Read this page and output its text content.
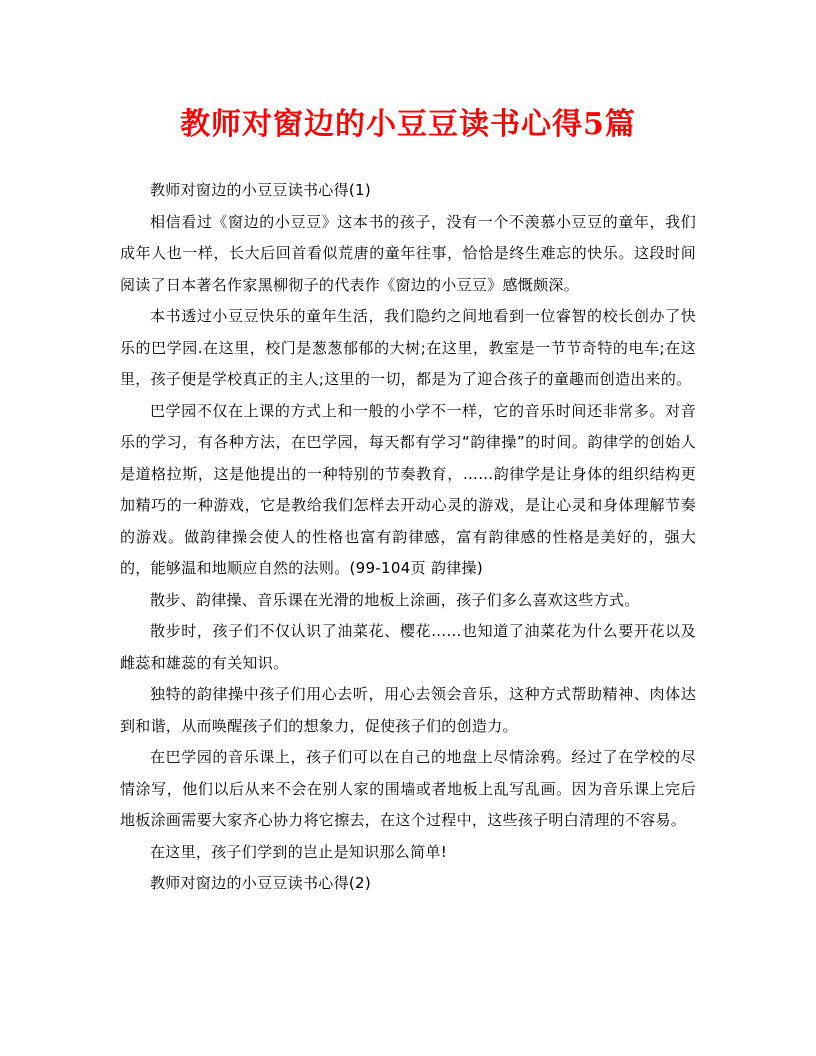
教师对窗边的小豆豆读书心得5篇

教师对窗边的小豆豆读书心得(1)

相信看过《窗边的小豆豆》这本书的孩子，没有一个不羡慕小豆豆的童年，我们成年人也一样，长大后回首看似荒唐的童年往事，恰恰是终生难忘的快乐。这段时间阅读了日本著名作家黑柳彻子的代表作《窗边的小豆豆》感慨颇深。

本书透过小豆豆快乐的童年生活，我们隐约之间地看到一位睿智的校长创办了快乐的巴学园.在这里，校门是葱葱郁郁的大树;在这里，教室是一节节奇特的电车;在这里，孩子便是学校真正的主人;这里的一切，都是为了迎合孩子的童趣而创造出来的。

巴学园不仅在上课的方式上和一般的小学不一样，它的音乐时间还非常多。对音乐的学习，有各种方法，在巴学园，每天都有学习“韵律操”的时间。韵律学的创始人是道格拉斯，这是他提出的一种特别的节奏教育，……韵律学是让身体的组织结构更加精巧的一种游戏，它是教给我们怎样去开动心灵的游戏，是让心灵和身体理解节奏的游戏。做韵律操会使人的性格也富有韵律感，富有韵律感的性格是美好的，强大的，能够温和地顺应自然的法则。(99-104页 韵律操)

散步、韵律操、音乐课在光滑的地板上涂画，孩子们多么喜欢这些方式。

散步时，孩子们不仅认识了油菜花、樱花……也知道了油菜花为什么要开花以及雌蕊和雄蕊的有关知识。

独特的韵律操中孩子们用心去听，用心去领会音乐，这种方式帮助精神、肉体达到和谐，从而唤醒孩子们的想象力，促使孩子们的创造力。

在巴学园的音乐课上，孩子们可以在自己的地盘上尽情涂鸦。经过了在学校的尽情涂写，他们以后从来不会在别人家的围墙或者地板上乱写乱画。因为音乐课上完后地板涂画需要大家齐心协力将它擦去，在这个过程中，这些孩子明白清理的不容易。

在这里，孩子们学到的岂止是知识那么简单!

教师对窗边的小豆豆读书心得(2)
